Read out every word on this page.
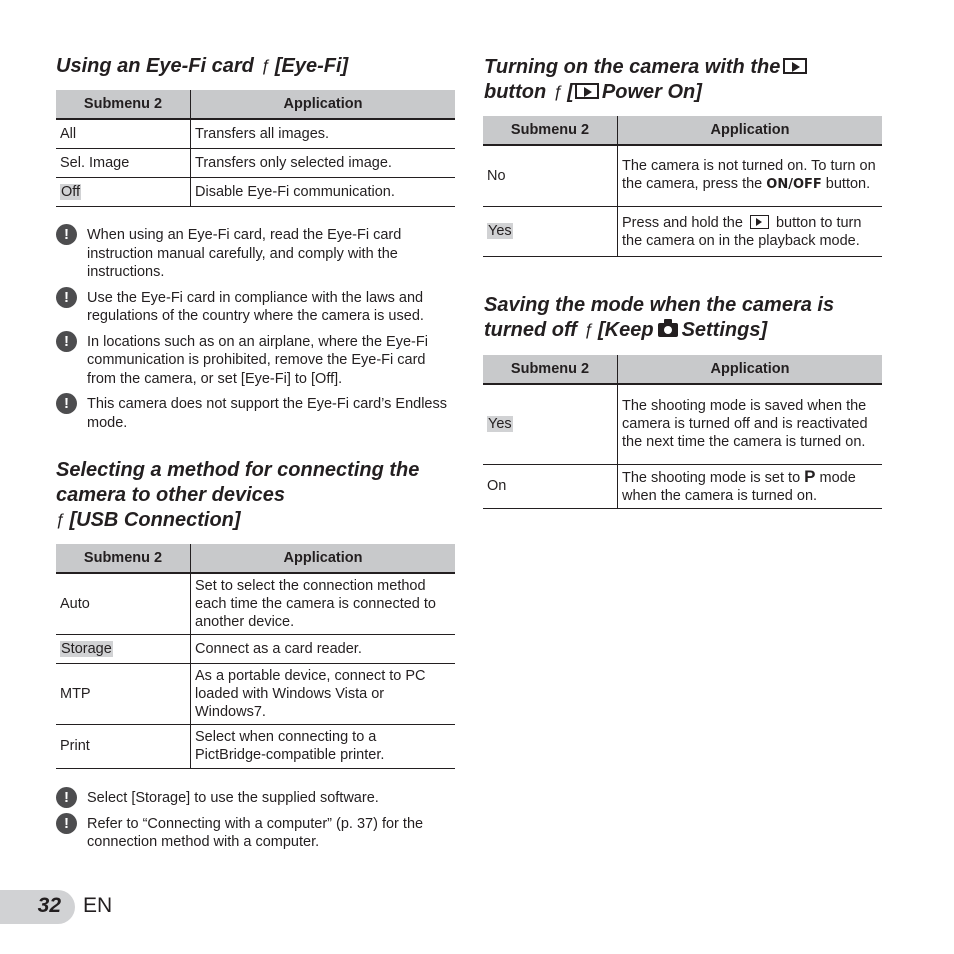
Using an Eye-Fi card ƒ [Eye-Fi]
Submenu 2	Application
All	Transfers all images.
Sel. Image	Transfers only selected image.
Off	Disable Eye-Fi communication.
!	When using an Eye-Fi card, read the Eye-Fi card instruction manual carefully, and comply with the instructions.
!	Use the Eye-Fi card in compliance with the laws and regulations of the country where the camera is used.
!	In locations such as on an airplane, where the Eye-Fi communication is prohibited, remove the Eye-Fi card from the camera, or set [Eye-Fi] to [Off].
!	This camera does not support the Eye-Fi card’s Endless mode.
Selecting a method for connecting the
camera to other devices
ƒ [USB Connection]
Submenu 2	Application
Auto	Set to select the connection method each time the camera is connected to another device.
Storage	Connect as a card reader.
MTP	As a portable device, connect to PC loaded with Windows Vista or Windows7.
Print	Select when connecting to a PictBridge-compatible printer.
!	Select [Storage] to use the supplied software.
!	Refer to “Connecting with a computer” (p. 37) for the connection method with a computer.
Turning on the camera with the
button ƒ [ Power On]
Submenu 2	Application
No	The camera is not turned on. To turn on the camera, press the ON/OFF button.
Yes	Press and hold the  button to turn the camera on in the playback mode.
Saving the mode when the camera is
turned off ƒ [Keep Settings]
Submenu 2	Application
Yes	The shooting mode is saved when the camera is turned off and is reactivated the next time the camera is turned on.
On	The shooting mode is set to P mode when the camera is turned on.
32 EN
